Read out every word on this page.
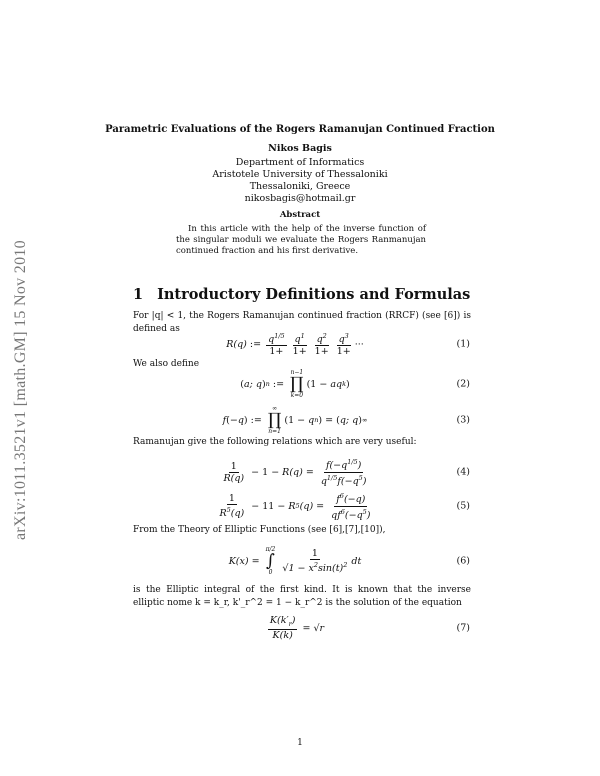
arXiv:1011.3521v1 [math.GM] 15 Nov 2010
Parametric Evaluations of the Rogers Ramanujan Continued Fraction
Nikos Bagis
Department of Informatics
Aristotele University of Thessaloniki
Thessaloniki, Greece
nikosbagis@hotmail.gr
Abstract

In this article with the help of the inverse function of the singular moduli we evaluate the Rogers Ranmanujan continued fraction and his first derivative.

1 Introductory Definitions and Formulas

For |q| < 1, the Rogers Ramanujan continued fraction (RRCF) (see [6]) is defined as

R(q) := $\frac{q^{1/5}}{1+} \frac{q^1}{1+} \frac{q^2}{1+} \frac{q^3}{1+}$ ···	(1)

We also define

( a; q ) n :=
n−1
∏
k=0
(1 − aq k )	(2)
f (− q ) :=
∞
∏
n=1
(1 − q n ) = ( q; q ) ∞	(3)

Ramanujan give the following relations which are very useful:

$\frac{1}{R(q)} - 1 - R(q) = \frac{f(-q^{1/5})}{q^{1/5}f(-q^5)}$	(4)
$\frac{1}{R^5(q)} - 11 - R$ 5 $(q) = \frac{f^6(-q)}{qf^6(-q^5)}$	(5)

From the Theory of Elliptic Functions (see [6],[7],[10]),

K(x) =
π/2
∫
$0 \frac{1}{√1 - x^2\sin(t)^2}$ dt	(6)

is the Elliptic integral of the first kind. It is known that the inverse elliptic nome k = k_r, k'_r^2 = 1 − k_r^2 is the solution of the equation

$\frac{K(k'_r)}{K(k)}$ = √ r	(7)
1
